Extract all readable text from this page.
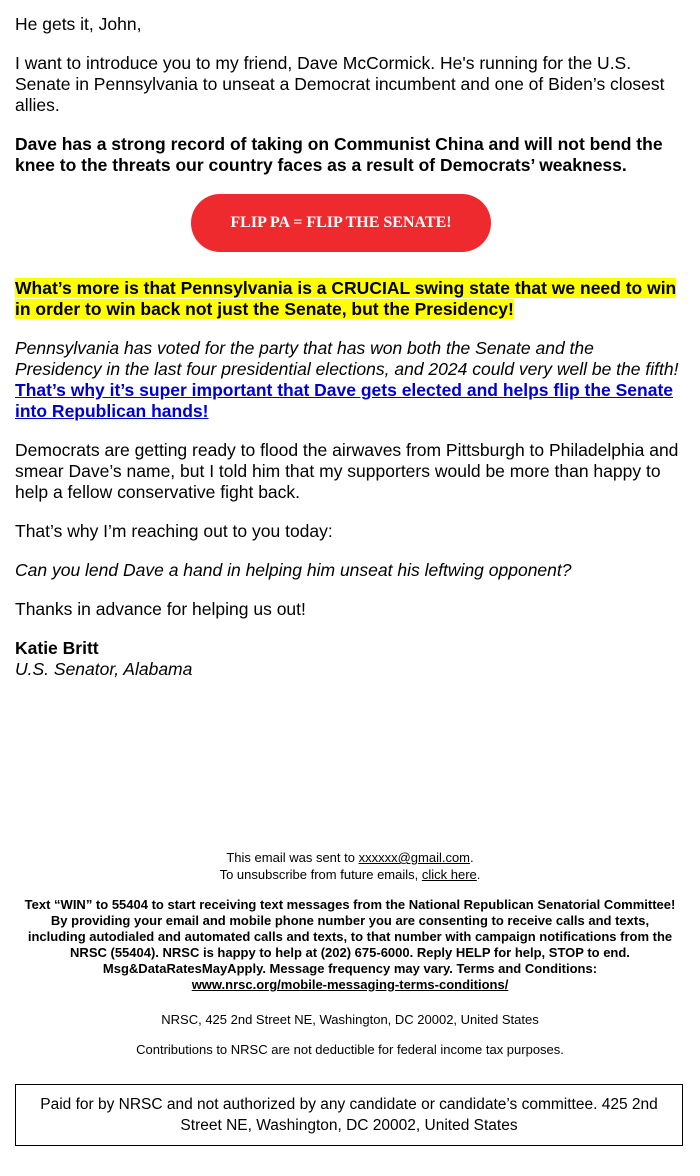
He gets it, John,

I want to introduce you to my friend, Dave McCormick. He's running for the U.S. Senate in Pennsylvania to unseat a Democrat incumbent and one of Biden’s closest allies.

Dave has a strong record of taking on Communist China and will not bend the knee to the threats our country faces as a result of Democrats’ weakness.

FLIP PA = FLIP THE SENATE!

What’s more is that Pennsylvania is a CRUCIAL swing state that we need to win in order to win back not just the Senate, but the Presidency!

Pennsylvania has voted for the party that has won both the Senate and the Presidency in the last four presidential elections, and 2024 could very well be the fifth! That’s why it’s super important that Dave gets elected and helps flip the Senate into Republican hands!

Democrats are getting ready to flood the airwaves from Pittsburgh to Philadelphia and smear Dave’s name, but I told him that my supporters would be more than happy to help a fellow conservative fight back.

That’s why I’m reaching out to you today:

Can you lend Dave a hand in helping him unseat his leftwing opponent?

Thanks in advance for helping us out!

Katie Britt
U.S. Senator, Alabama

This email was sent to xxxxxx@gmail.com.

To unsubscribe from future emails, click here.

Text “WIN” to 55404 to start receiving text messages from the National Republican Senatorial Committee! By providing your email and mobile phone number you are consenting to receive calls and texts, including autodialed and automated calls and texts, to that number with campaign notifications from the NRSC (55404). NRSC is happy to help at (202) 675-6000. Reply HELP for help, STOP to end. Msg&DataRatesMayApply. Message frequency may vary. Terms and Conditions:
www.nrsc.org/mobile-messaging-terms-conditions/

NRSC, 425 2nd Street NE, Washington, DC 20002, United States

Contributions to NRSC are not deductible for federal income tax purposes.

Paid for by NRSC and not authorized by any candidate or candidate’s committee. 425 2nd Street NE, Washington, DC 20002, United States
